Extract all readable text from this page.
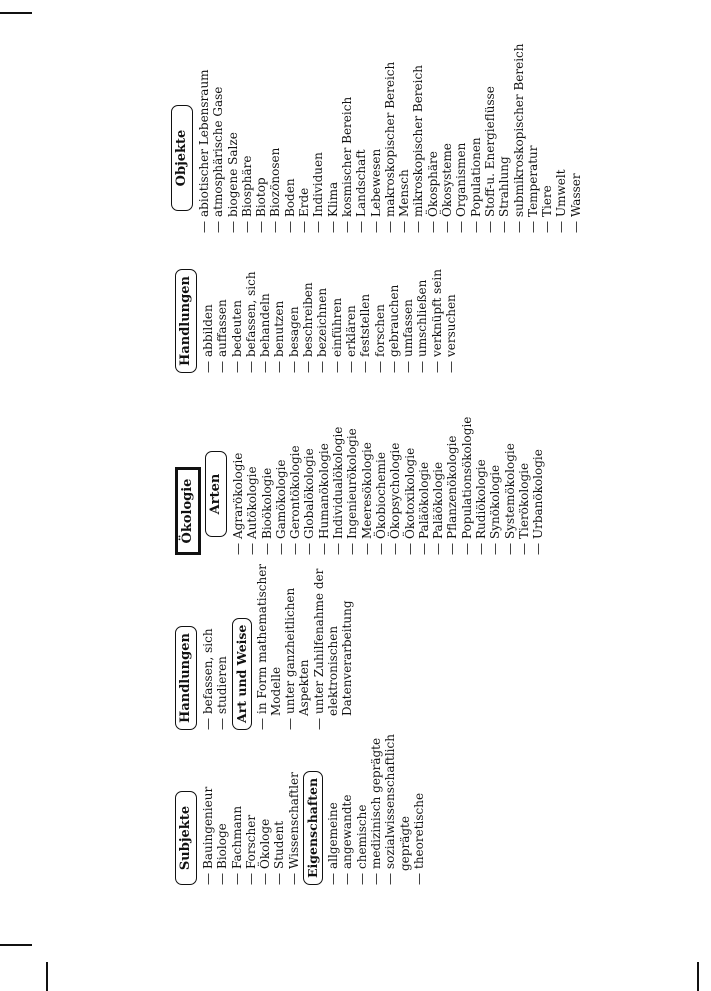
Subjekte — Bauingenieur — Biologe — Fachmann — Forscher — Ökologe — Student — Wissenschaftler Eigenschaften — allgemeine — angewandte — chemische — medizinisch geprägte — sozialwissenschaftlich geprägte — theoretische
Handlungen — befassen, sich — studieren Art und Weise — in Form mathematischer Modelle — unter ganzheitlichen Aspekten — unter Zuhilfenahme der elektronischen Datenverarbeitung
Ökologie	Arten — Agrarökologie — Autökologie — Bioökologie — Gamökologie — Gerontökologie — Globalökologie — Humanökologie — Individualökologie — Ingenieurökologie — Meeresökologie — Ökobiochemie — Ökopsychologie — Ökotoxikologie — Paläökologie — Paläökologie — Pflanzenökologie — Populationsökologie — Rudiökologie — Synökologie — Systemökologie — Tierökologie — Urbanökologie
Handlungen — abbilden — auffassen — bedeuten — befassen, sich — behandeln — benutzen — besagen — beschreiben — bezeichnen — einführen — erklären — feststellen — forschen — gebrauchen — umfassen — umschließen — verknüpft sein — versuchen
Objekte — abiotischer Lebensraum — atmosphärische Gase — biogene Salze — Biosphäre — Biotop — Biozönosen — Boden — Erde — Individuen — Klima — kosmischer Bereich — Landschaft — Lebewesen — makroskopischer Bereich — Mensch — mikroskopischer Bereich — Ökosphäre — Ökosysteme — Organismen — Populationen — Stoff-u. Energieflüsse — Strahlung — submikroskopischer Bereich — Temperatur — Tiere — Umwelt — Wasser
